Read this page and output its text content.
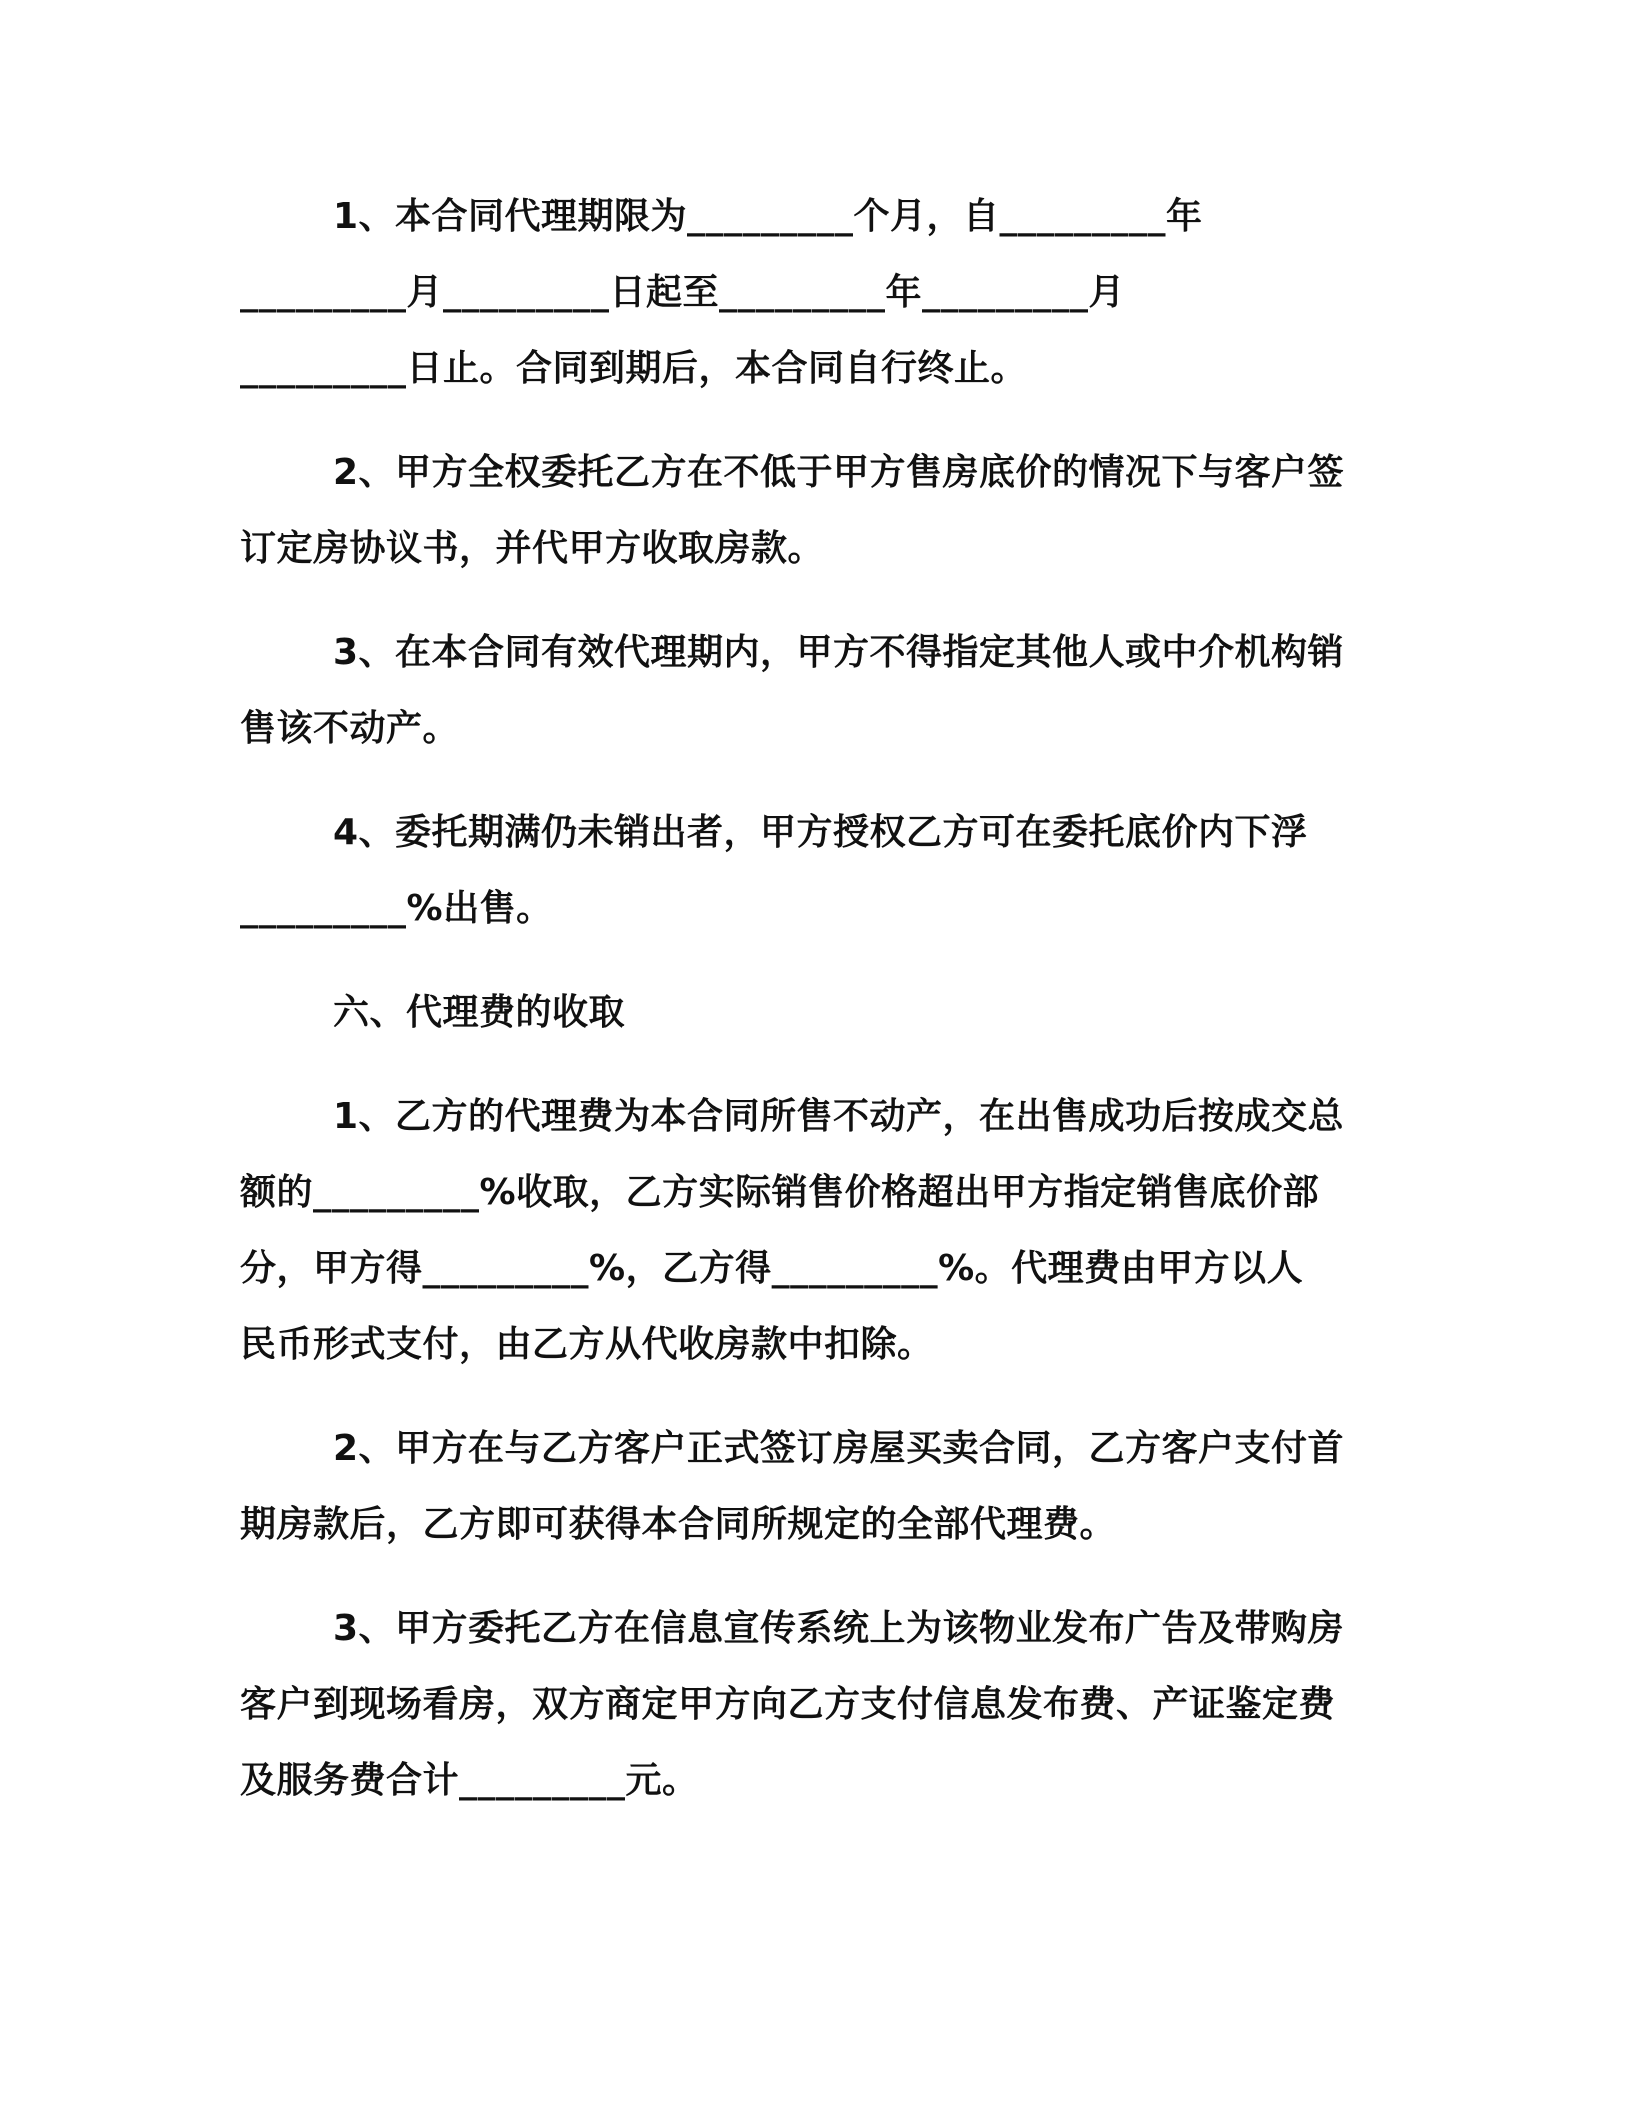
1、本合同代理期限为_________个月，自_________年
_________月_________日起至_________年_________月
_________日止。合同到期后，本合同自行终止。
2、甲方全权委托乙方在不低于甲方售房底价的情况下与客户签
订定房协议书，并代甲方收取房款。
3、在本合同有效代理期内，甲方不得指定其他人或中介机构销
售该不动产。
4、委托期满仍未销出者，甲方授权乙方可在委托底价内下浮
_________%出售。
六、代理费的收取
1、乙方的代理费为本合同所售不动产，在出售成功后按成交总
额的_________%收取，乙方实际销售价格超出甲方指定销售底价部
分，甲方得_________%，乙方得_________%。代理费由甲方以人
民币形式支付，由乙方从代收房款中扣除。
2、甲方在与乙方客户正式签订房屋买卖合同，乙方客户支付首
期房款后，乙方即可获得本合同所规定的全部代理费。
3、甲方委托乙方在信息宣传系统上为该物业发布广告及带购房
客户到现场看房，双方商定甲方向乙方支付信息发布费、产证鉴定费
及服务费合计_________元。
